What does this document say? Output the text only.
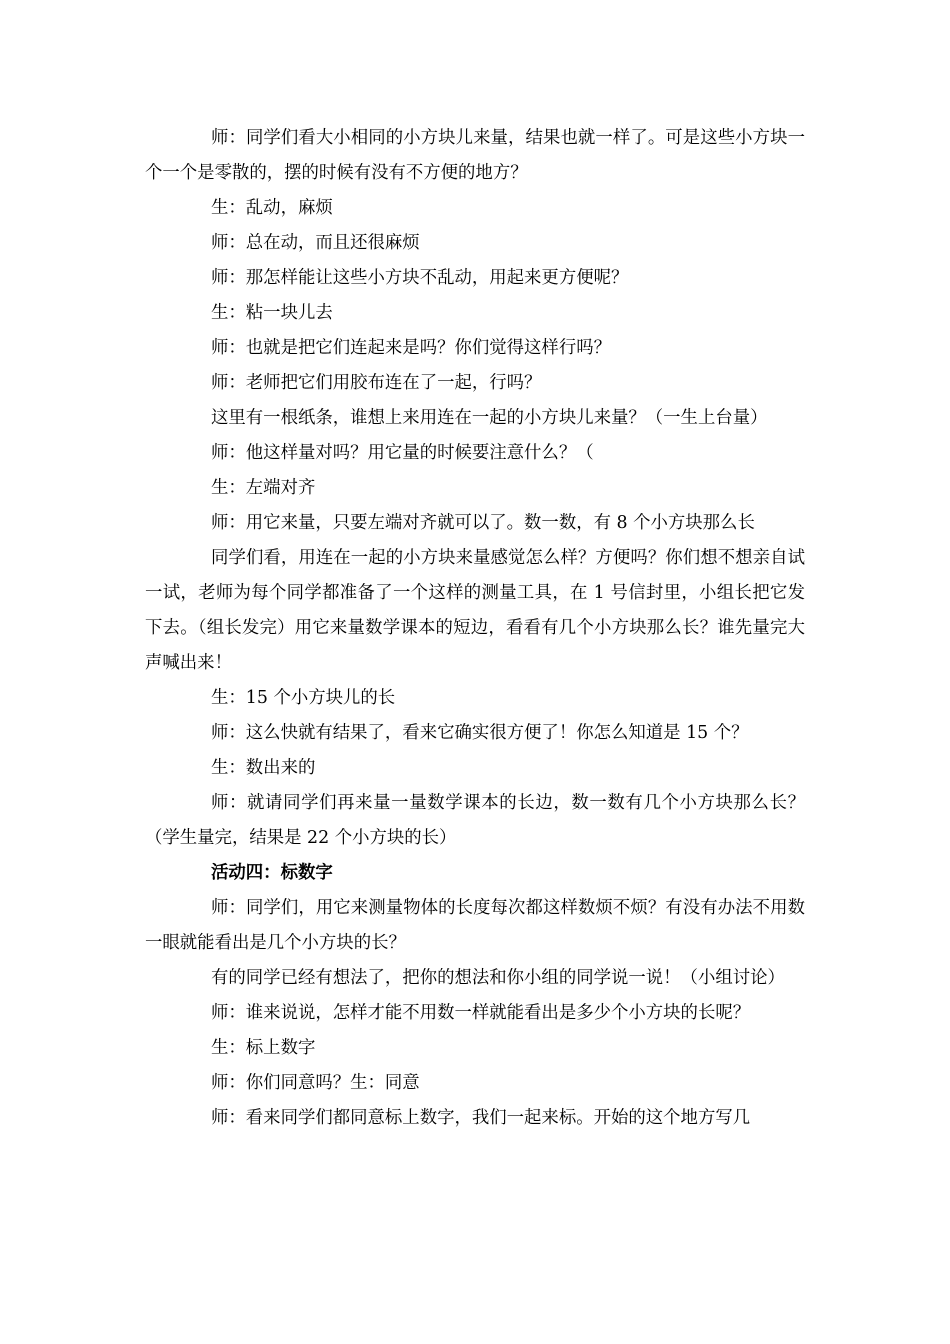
师：同学们看大小相同的小方块儿来量，结果也就一样了。可是这些小方块一个一个是零散的，摆的时候有没有不方便的地方？

生：乱动，麻烦

师：总在动，而且还很麻烦

师：那怎样能让这些小方块不乱动，用起来更方便呢？

生：粘一块儿去

师：也就是把它们连起来是吗？你们觉得这样行吗？

师：老师把它们用胶布连在了一起，行吗？

这里有一根纸条，谁想上来用连在一起的小方块儿来量？（一生上台量）

师：他这样量对吗？用它量的时候要注意什么？（

生：左端对齐

师：用它来量，只要左端对齐就可以了。数一数，有 8 个小方块那么长

同学们看，用连在一起的小方块来量感觉怎么样？方便吗？你们想不想亲自试一试，老师为每个同学都准备了一个这样的测量工具，在 1 号信封里，小组长把它发下去。（组长发完）用它来量数学课本的短边，看看有几个小方块那么长？谁先量完大声喊出来！

生：15 个小方块儿的长

师：这么快就有结果了，看来它确实很方便了！你怎么知道是 15 个？

生：数出来的

师：就请同学们再来量一量数学课本的长边，数一数有几个小方块那么长？（学生量完，结果是 22 个小方块的长）

活动四：标数字

师：同学们，用它来测量物体的长度每次都这样数烦不烦？有没有办法不用数一眼就能看出是几个小方块的长？

有的同学已经有想法了，把你的想法和你小组的同学说一说！（小组讨论）

师：谁来说说，怎样才能不用数一样就能看出是多少个小方块的长呢？

生：标上数字

师：你们同意吗？生：同意

师：看来同学们都同意标上数字，我们一起来标。开始的这个地方写几
